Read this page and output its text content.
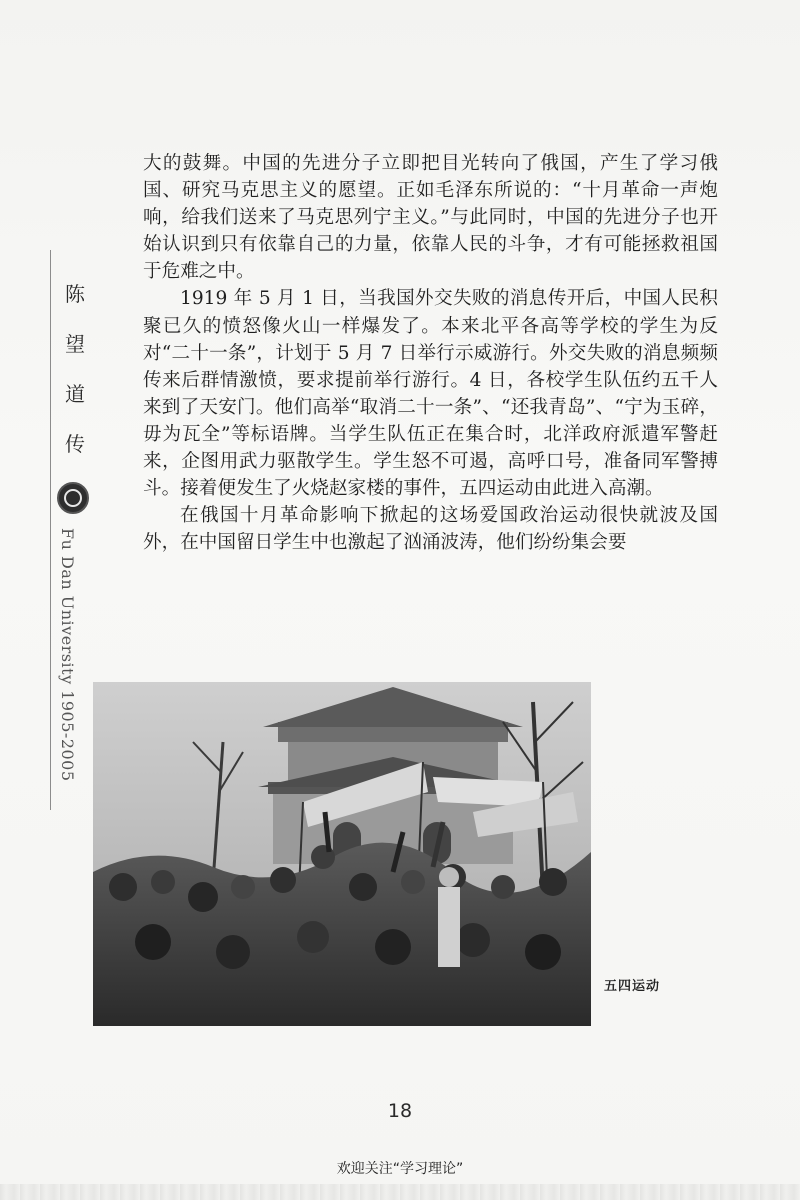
陈
望
道
传
Fu Dan University 1905-2005

大的鼓舞。中国的先进分子立即把目光转向了俄国，产生了学习俄国、研究马克思主义的愿望。正如毛泽东所说的：“十月革命一声炮响，给我们送来了马克思列宁主义。”与此同时，中国的先进分子也开始认识到只有依靠自己的力量，依靠人民的斗争，才有可能拯救祖国于危难之中。

1919 年 5 月 1 日，当我国外交失败的消息传开后，中国人民积聚已久的愤怒像火山一样爆发了。本来北平各高等学校的学生为反对“二十一条”，计划于 5 月 7 日举行示威游行。外交失败的消息频频传来后群情激愤，要求提前举行游行。4 日，各校学生队伍约五千人来到了天安门。他们高举“取消二十一条”、“还我青岛”、“宁为玉碎，毋为瓦全”等标语牌。当学生队伍正在集合时，北洋政府派遣军警赶来，企图用武力驱散学生。学生怒不可遏，高呼口号，准备同军警搏斗。接着便发生了火烧赵家楼的事件，五四运动由此进入高潮。

在俄国十月革命影响下掀起的这场爱国政治运动很快就波及国外，在中国留日学生中也激起了汹涌波涛，他们纷纷集会要

五四运动
18
欢迎关注“学习理论”
